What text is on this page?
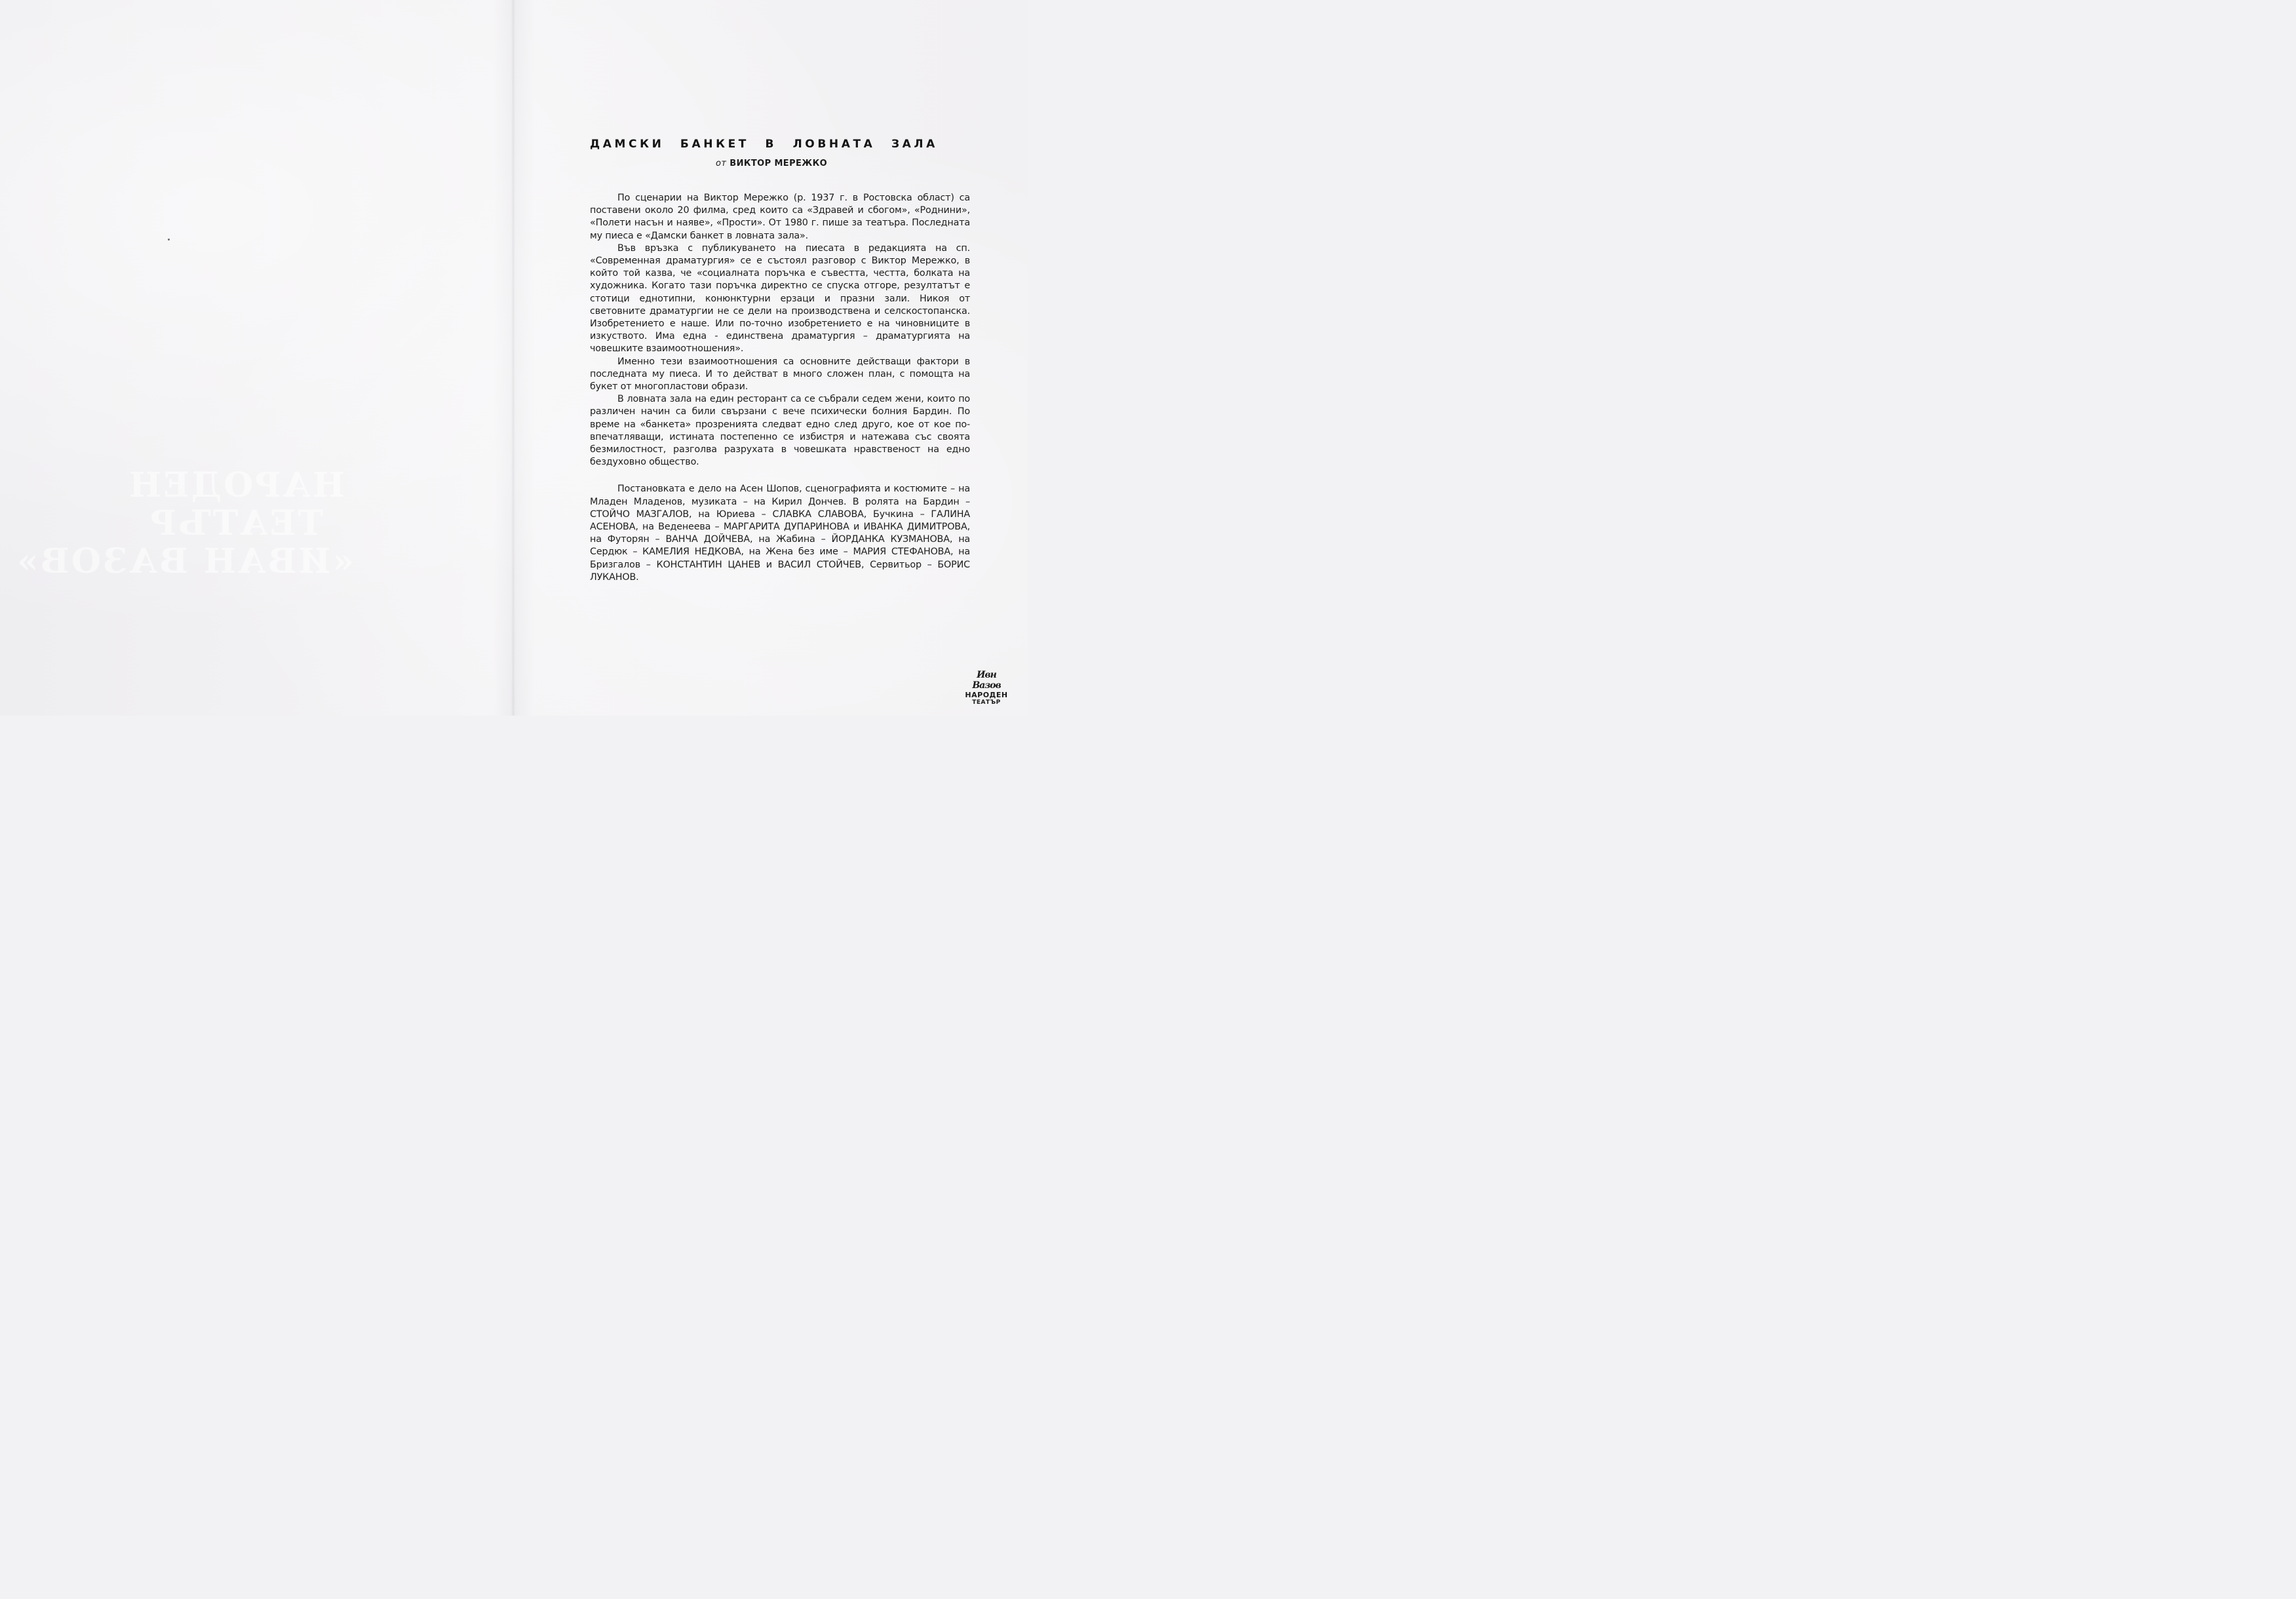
НАРОДЕН
ТЕАТЪР
«ИВАН ВАЗОВ»
ДАМСКИ БАНКЕТ В ЛОВНАТА ЗАЛА
от ВИКТОР МЕРЕЖКО

По сценарии на Виктор Мережко (р. 1937 г. в Ростовска област) са поставени около 20 филма, сред които са «Здравей и сбогом», «Роднини», «Полети насън и наяве», «Прости». От 1980 г. пише за театъра. Последната му пиеса е «Дамски банкет в ловната зала».

Във връзка с публикуването на пиесата в редакцията на сп. «Современная драматургия» се е състоял разговор с Виктор Мережко, в който той казва, че «социалната поръчка е съвестта, честта, болката на художника. Когато тази поръчка директно се спуска отгоре, резултатът е стотици еднотипни, конюнктурни ерзаци и празни зали. Никоя от световните драматургии не се дели на производствена и селскостопанска. Изобретението е наше. Или по-точно изобретението е на чиновниците в изкуството. Има една - единствена драматургия – драматургията на човешките взаимоотношения».

Именно тези взаимоотношения са основните действащи фактори в последната му пиеса. И то действат в много сложен план, с помощта на букет от многопластови образи.

В ловната зала на един ресторант са се събрали седем жени, които по различен начин са били свързани с вече психически болния Бардин. По време на «банкета» прозренията следват едно след друго, кое от кое по-впечатляващи, истината постепенно се избистря и натежава със своята безмилостност, разголва разрухата в човешката нравственост на едно бездуховно общество.

Постановката е дело на Асен Шопов, сценографията и костюмите – на Младен Младенов, музиката – на Кирил Дончев. В ролята на Бардин – СТОЙЧО МАЗГАЛОВ, на Юриева – СЛАВКА СЛАВОВА, Бучкина – ГАЛИНА АСЕНОВА, на Веденеева – МАРГАРИТА ДУПАРИНОВА и ИВАНКА ДИМИТРОВА, на Футорян – ВАНЧА ДОЙЧЕВА, на Жабина – ЙОРДАНКА КУЗМАНОВА, на Сердюк – КАМЕЛИЯ НЕДКОВА, на Жена без име – МАРИЯ СТЕФАНОВА, на Бризгалов – КОНСТАНТИН ЦАНЕВ и ВАСИЛ СТОЙЧЕВ, Сервитьор – БОРИС ЛУКАНОВ.

Ивн Вазов
НАРОДЕН
ТЕАТЪР
